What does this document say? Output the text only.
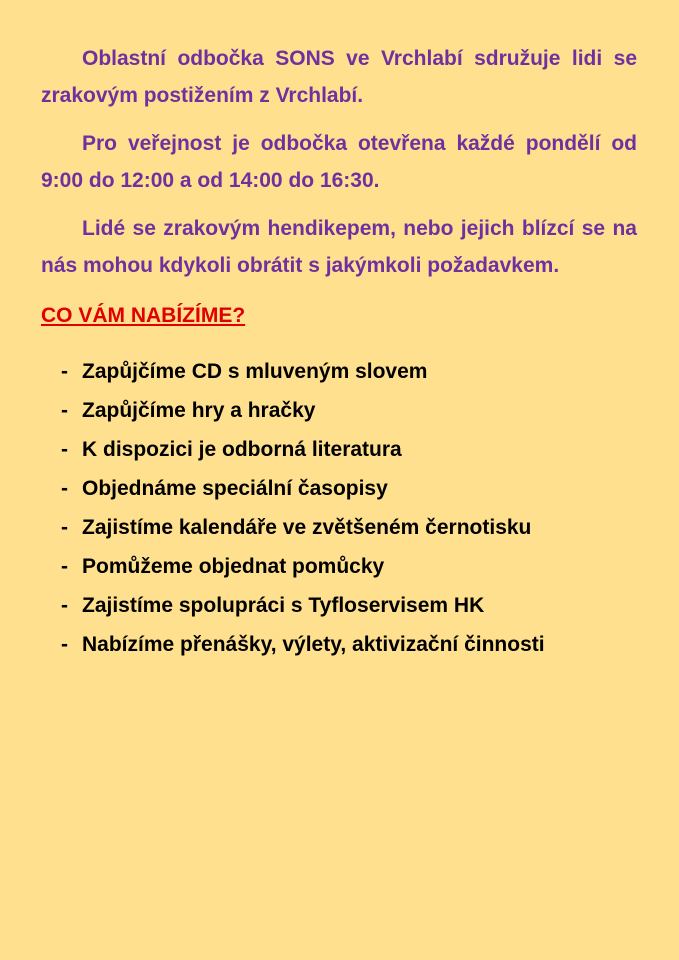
Oblastní odbočka SONS ve Vrchlabí sdružuje lidi se zrakovým postižením z Vrchlabí.

Pro veřejnost je odbočka otevřena každé pondělí od 9:00 do 12:00 a od 14:00 do 16:30.

Lidé se zrakovým hendikepem, nebo jejich blízcí se na nás mohou kdykoli obrátit s jakýmkoli požadavkem.

CO VÁM NABÍZÍME?
- Zapůjčíme CD s mluveným slovem
- Zapůjčíme hry a hračky
- K dispozici je odborná literatura
- Objednáme speciální časopisy
- Zajistíme kalendáře ve zvětšeném černotisku
- Pomůžeme objednat pomůcky
- Zajistíme spolupráci s Tyfloservisem HK
- Nabízíme přenášky, výlety, aktivizační činnosti
